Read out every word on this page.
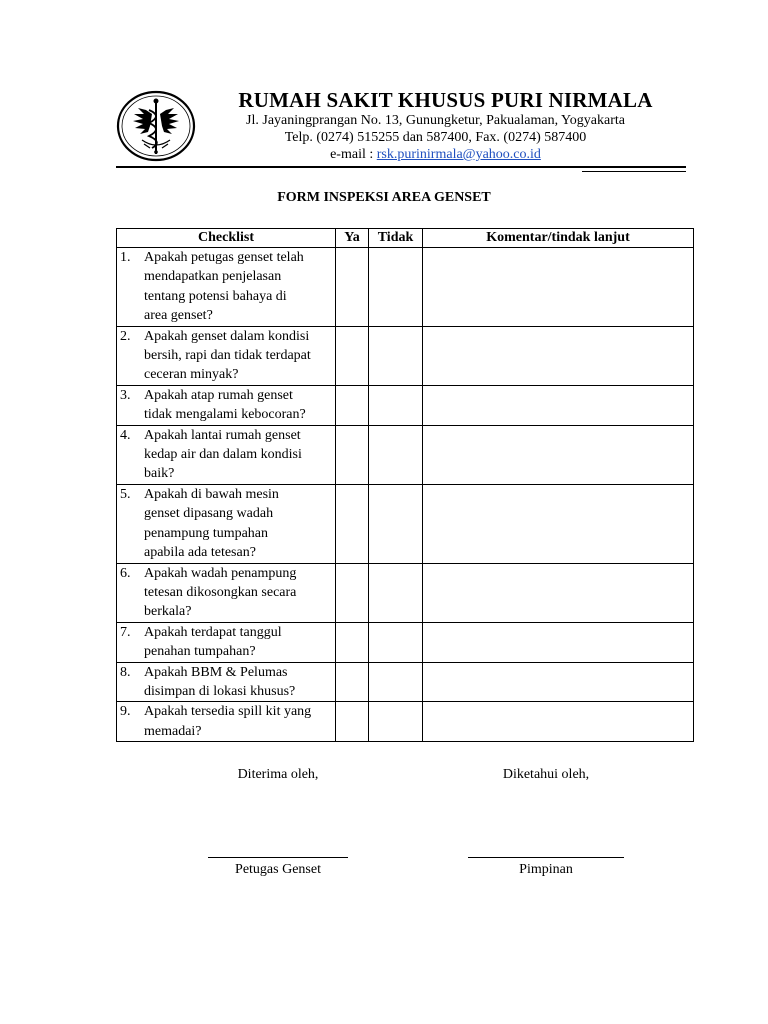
RUMAH SAKIT KHUSUS PURI NIRMALA
Jl. Jayaningprangan No. 13, Gunungketur, Pakualaman, Yogyakarta
Telp. (0274) 515255 dan 587400, Fax. (0274) 587400
e-mail : rsk.purinirmala@yahoo.co.id
FORM INSPEKSI AREA GENSET
Checklist	Ya	Tidak	Komentar/tindak lanjut

1. Apakah petugas genset telah
mendapatkan penjelasan
tentang potensi bahaya di
area genset?			

2. Apakah genset dalam kondisi
bersih, rapi dan tidak terdapat
ceceran minyak?			

3. Apakah atap rumah genset
tidak mengalami kebocoran?			

4. Apakah lantai rumah genset
kedap air dan dalam kondisi
baik?			

5. Apakah di bawah mesin
genset dipasang wadah
penampung tumpahan
apabila ada tetesan?			

6. Apakah wadah penampung
tetesan dikosongkan secara
berkala?			

7. Apakah terdapat tanggul
penahan tumpahan?			

8. Apakah BBM & Pelumas
disimpan di lokasi khusus?			

9. Apakah tersedia spill kit yang
memadai?			

Diterima oleh,	Diketahui oleh,
Petugas Genset	Pimpinan
